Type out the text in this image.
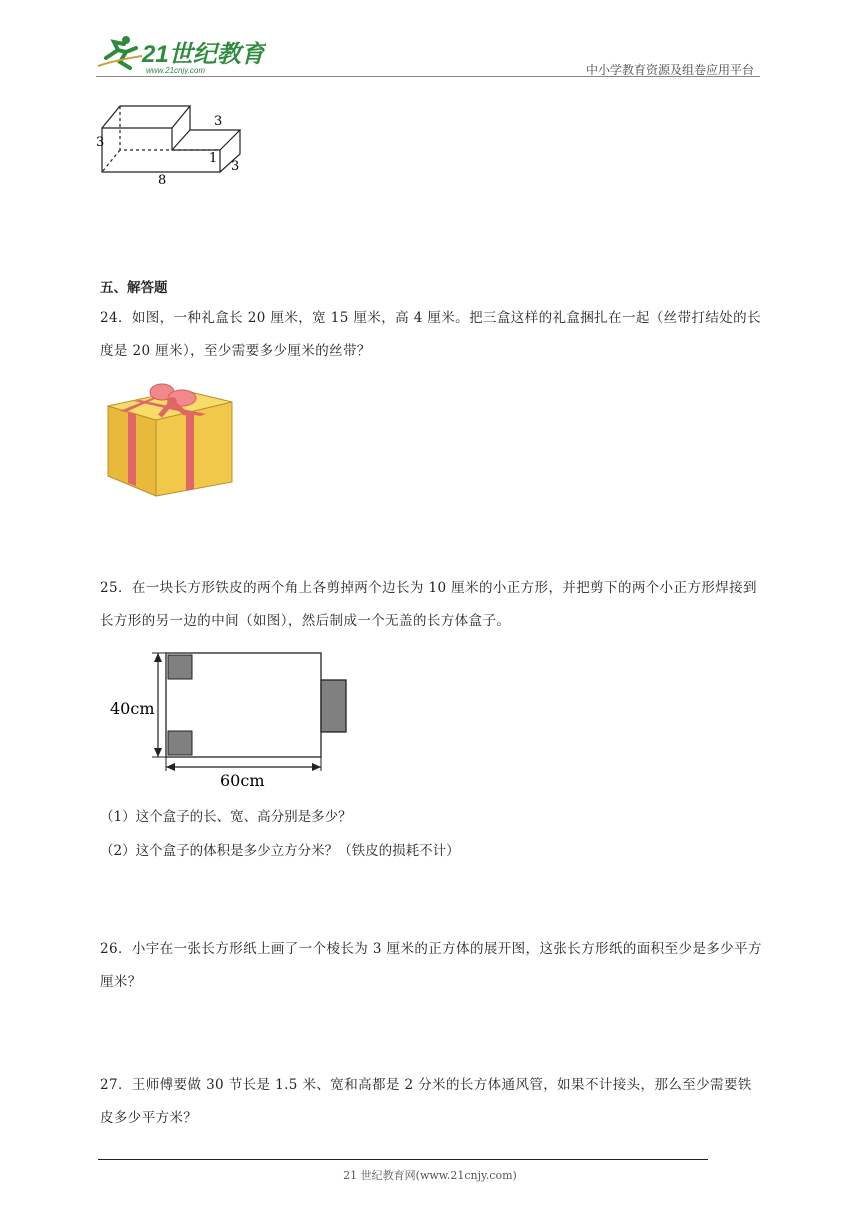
21世纪教育
www.21cnjy.com	中小学教育资源及组卷应用平台
3
3
1
3
8
五、解答题
24．如图，一种礼盒长 20 厘米，宽 15 厘米，高 4 厘米。把三盒这样的礼盒捆扎在一起（丝带打结处的长度是 20 厘米），至少需要多少厘米的丝带？
25．在一块长方形铁皮的两个角上各剪掉两个边长为 10 厘米的小正方形，并把剪下的两个小正方形焊接到长方形的另一边的中间（如图），然后制成一个无盖的长方体盒子。
40cm
60cm
（1）这个盒子的长、宽、高分别是多少？
（2）这个盒子的体积是多少立方分米？（铁皮的损耗不计）
26．小宇在一张长方形纸上画了一个棱长为 3 厘米的正方体的展开图，这张长方形纸的面积至少是多少平方厘米？
27．王师傅要做 30 节长是 1.5 米、宽和高都是 2 分米的长方体通风管，如果不计接头，那么至少需要铁皮多少平方米？
21 世纪教育网(www.21cnjy.com)
